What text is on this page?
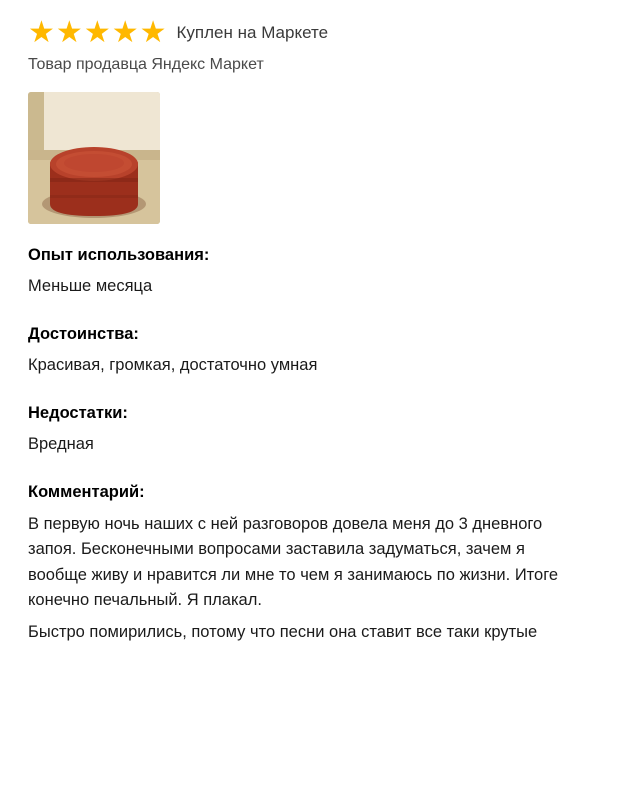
★ ★ ★ ★ ★ Куплен на Маркете
Товар продавца Яндекс Маркет
Опыт использования:
Меньше месяца
Достоинства:
Красивая, громкая, достаточно умная
Недостатки:
Вредная
Комментарий:

В первую ночь наших с ней разговоров довела меня до 3 дневного запоя. Бесконечными вопросами заставила задуматься, зачем я вообще живу и нравится ли мне то чем я занимаюсь по жизни. Итоге конечно печальный. Я плакал.

Быстро помирились, потому что песни она ставит все таки крутые
